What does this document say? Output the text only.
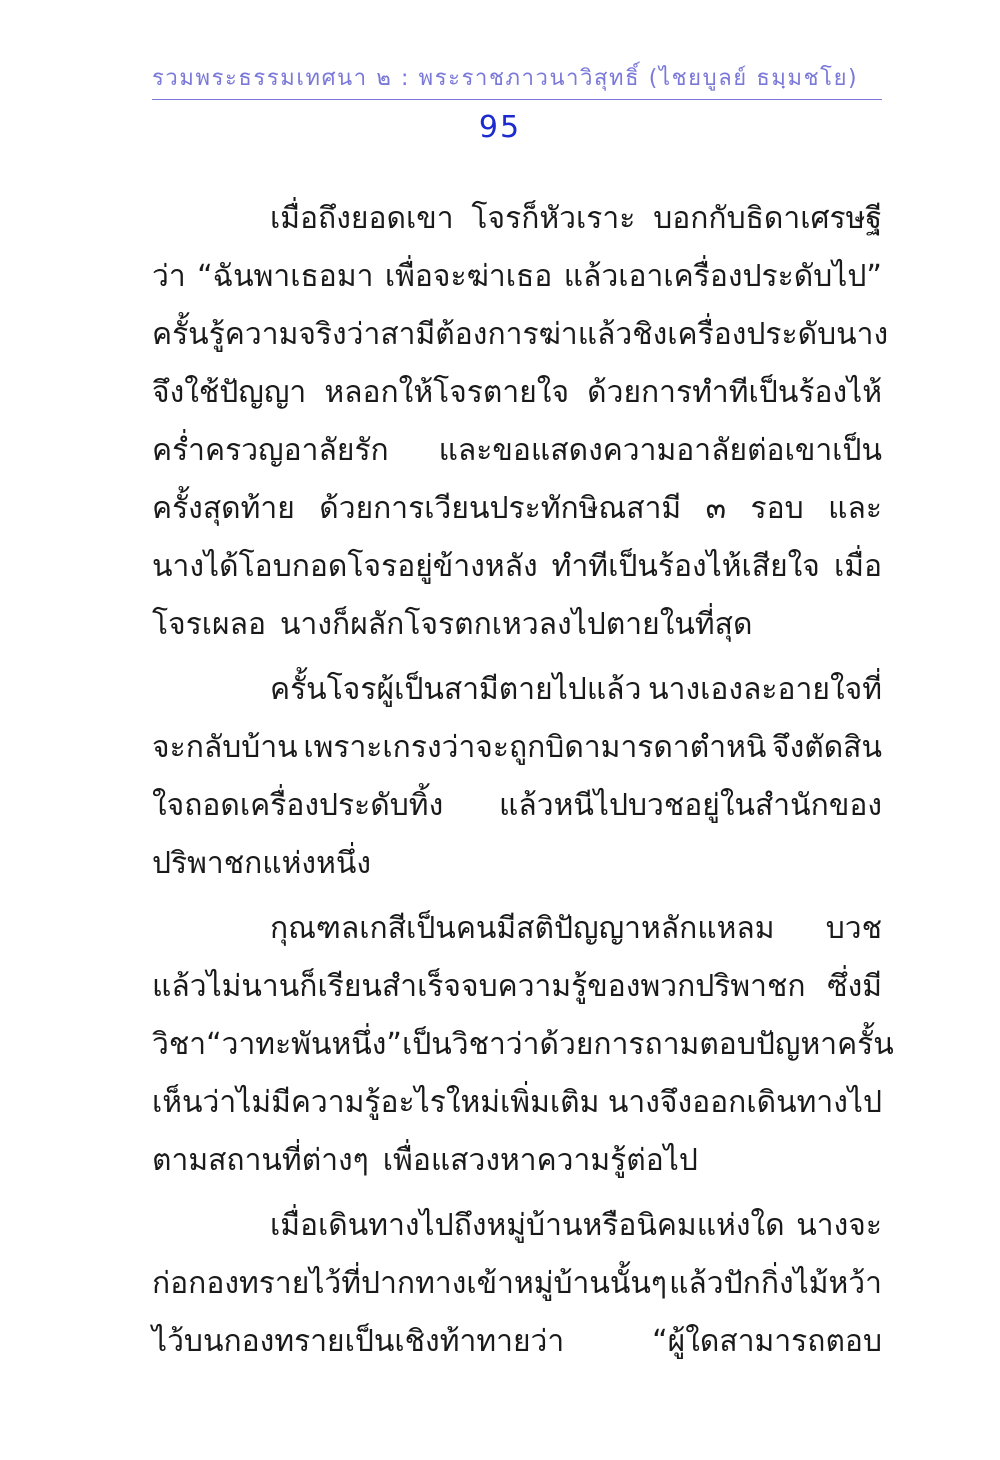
รวมพระธรรมเทศนา ๒ : พระราชภาวนาวิสุทธิ์ (ไชยบูลย์ ธมฺมชโย)
95
เมื่อถึงยอดเขา โจรก็หัวเราะ บอกกับธิดาเศรษฐี
ว่า “ฉันพาเธอมา เพื่อจะฆ่าเธอ แล้วเอาเครื่องประดับไป”
ครั้นรู้ความจริงว่าสามีต้องการฆ่า แล้วชิงเครื่องประดับ นาง
จึงใช้ปัญญา หลอกให้โจรตายใจ ด้วยการทำทีเป็นร้องไห้
คร่ำครวญอาลัยรัก และขอแสดงความอาลัยต่อเขาเป็น
ครั้งสุดท้าย ด้วยการเวียนประทักษิณสามี ๓ รอบ และ
นางได้โอบกอดโจรอยู่ข้างหลัง ทำทีเป็นร้องไห้เสียใจ เมื่อ
โจรเผลอ นางก็ผลักโจรตกเหวลงไปตายในที่สุด
ครั้นโจรผู้เป็นสามีตายไปแล้ว นางเองละอายใจที่
จะกลับบ้าน เพราะเกรงว่าจะถูกบิดามารดาตำหนิ จึงตัดสิน
ใจถอดเครื่องประดับทิ้ง แล้วหนีไปบวชอยู่ในสำนักของ
ปริพาชกแห่งหนึ่ง
กุณฑลเกสีเป็นคนมีสติปัญญาหลักแหลม บวช
แล้วไม่นานก็เรียนสำเร็จจบความรู้ของพวกปริพาชก ซึ่งมี
วิชา “วาทะพันหนึ่ง” เป็นวิชาว่าด้วยการถามตอบปัญหา ครั้น
เห็นว่าไม่มีความรู้อะไรใหม่เพิ่มเติม นางจึงออกเดินทางไป
ตามสถานที่ต่างๆ เพื่อแสวงหาความรู้ต่อไป
เมื่อเดินทางไปถึงหมู่บ้านหรือนิคมแห่งใด นางจะ
ก่อกองทรายไว้ที่ปากทางเข้าหมู่บ้านนั้นๆ แล้วปักกิ่งไม้หว้า
ไว้บนกองทรายเป็นเชิงท้าทายว่า	“ผู้ใดสามารถตอบ
